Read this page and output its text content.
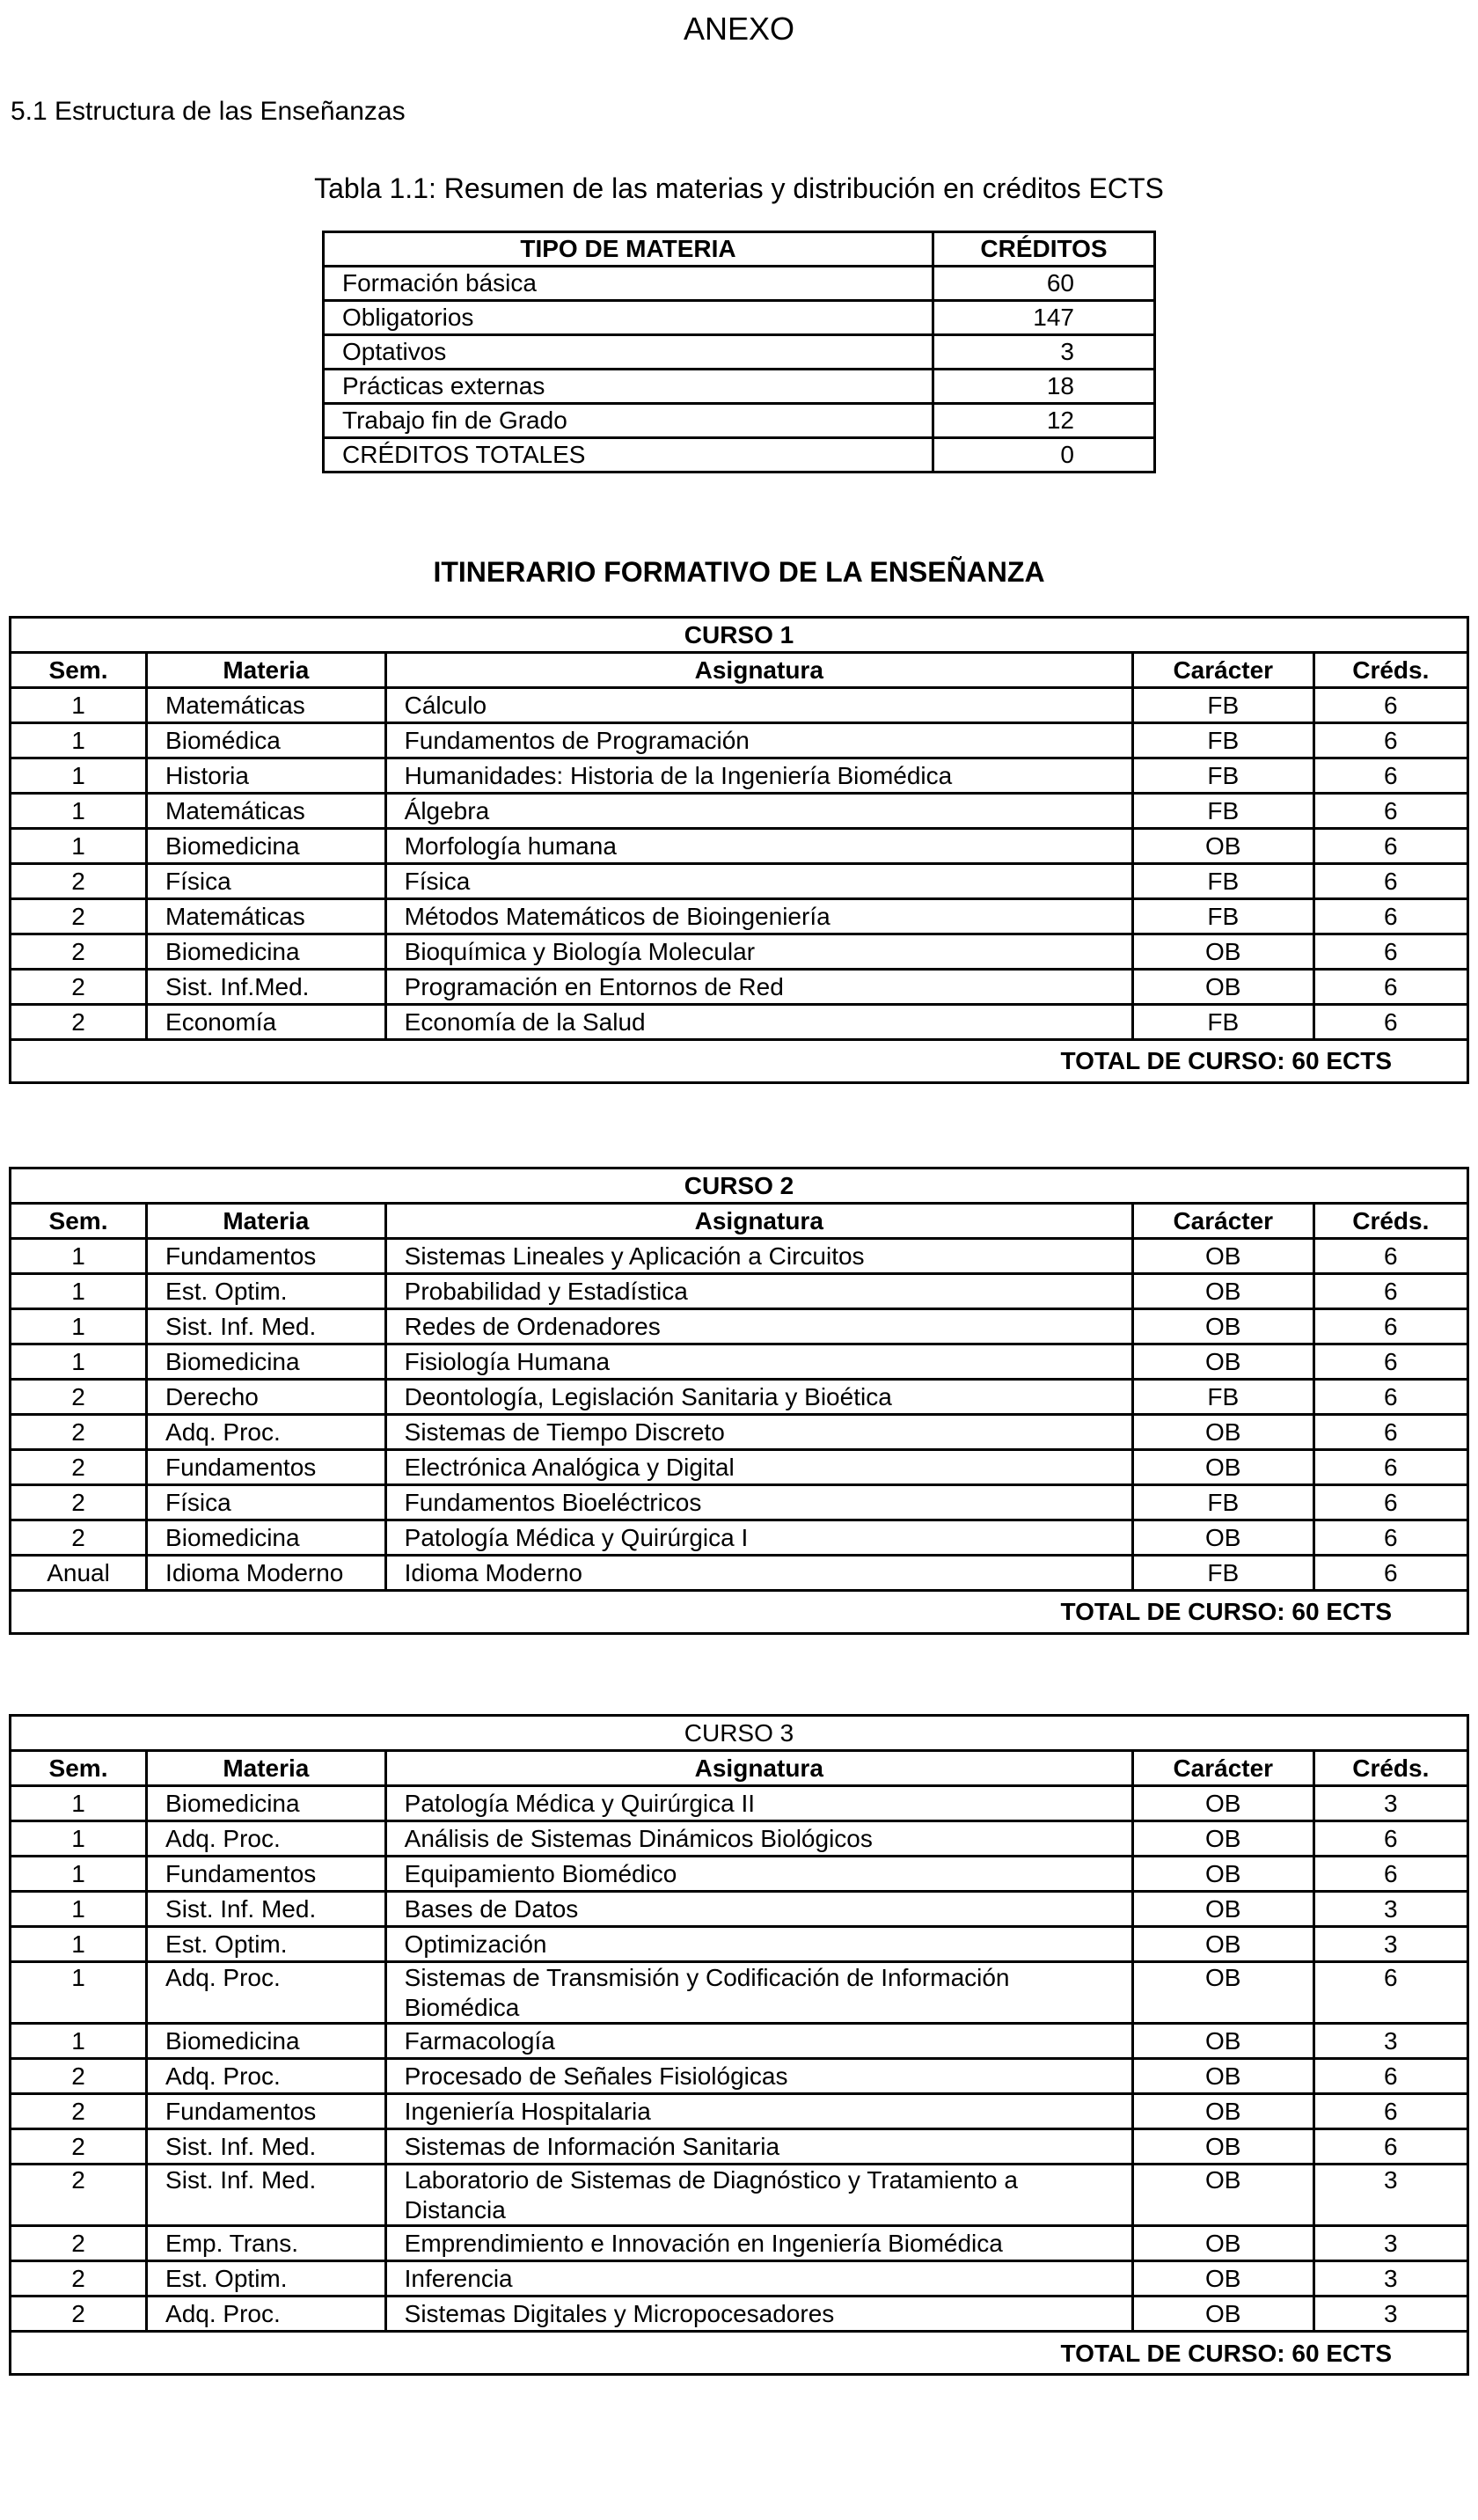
ANEXO
5.1 Estructura de las Enseñanzas
Tabla 1.1: Resumen de las materias y distribución en créditos ECTS
TIPO DE MATERIA	CRÉDITOS
Formación básica	60
Obligatorios	147
Optativos	3
Prácticas externas	18
Trabajo fin de Grado	12
CRÉDITOS TOTALES	0
ITINERARIO FORMATIVO DE LA ENSEÑANZA
CURSO 1				
Sem.	Materia	Asignatura	Carácter	Créds.
1	Matemáticas	Cálculo	FB	6
1	Biomédica	Fundamentos de Programación	FB	6
1	Historia	Humanidades: Historia de la Ingeniería Biomédica	FB	6
1	Matemáticas	Álgebra	FB	6
1	Biomedicina	Morfología humana	OB	6
2	Física	Física	FB	6
2	Matemáticas	Métodos Matemáticos de Bioingeniería	FB	6
2	Biomedicina	Bioquímica y Biología Molecular	OB	6
2	Sist. Inf.Med.	Programación en Entornos de Red	OB	6
2	Economía	Economía de la Salud	FB	6
TOTAL DE CURSO: 60 ECTS				
CURSO 2				
Sem.	Materia	Asignatura	Carácter	Créds.
1	Fundamentos	Sistemas Lineales y Aplicación a Circuitos	OB	6
1	Est. Optim.	Probabilidad y Estadística	OB	6
1	Sist. Inf. Med.	Redes de Ordenadores	OB	6
1	Biomedicina	Fisiología Humana	OB	6
2	Derecho	Deontología, Legislación Sanitaria y Bioética	FB	6
2	Adq. Proc.	Sistemas de Tiempo Discreto	OB	6
2	Fundamentos	Electrónica Analógica y Digital	OB	6
2	Física	Fundamentos Bioeléctricos	FB	6
2	Biomedicina	Patología Médica y Quirúrgica I	OB	6
Anual	Idioma Moderno	Idioma Moderno	FB	6
TOTAL DE CURSO: 60 ECTS				
CURSO 3				
Sem.	Materia	Asignatura	Carácter	Créds.
1	Biomedicina	Patología Médica y Quirúrgica II	OB	3
1	Adq. Proc.	Análisis de Sistemas Dinámicos Biológicos	OB	6
1	Fundamentos	Equipamiento Biomédico	OB	6
1	Sist. Inf. Med.	Bases de Datos	OB	3
1	Est. Optim.	Optimización	OB	3
1	Adq. Proc.	Sistemas de Transmisión y Codificación de Información Biomédica	OB	6
1	Biomedicina	Farmacología	OB	3
2	Adq. Proc.	Procesado de Señales Fisiológicas	OB	6
2	Fundamentos	Ingeniería Hospitalaria	OB	6
2	Sist. Inf. Med.	Sistemas de Información Sanitaria	OB	6
2	Sist. Inf. Med.	Laboratorio de Sistemas de Diagnóstico y Tratamiento a Distancia	OB	3
2	Emp. Trans.	Emprendimiento e Innovación en Ingeniería Biomédica	OB	3
2	Est. Optim.	Inferencia	OB	3
2	Adq. Proc.	Sistemas Digitales y Micropocesadores	OB	3
TOTAL DE CURSO: 60 ECTS				
